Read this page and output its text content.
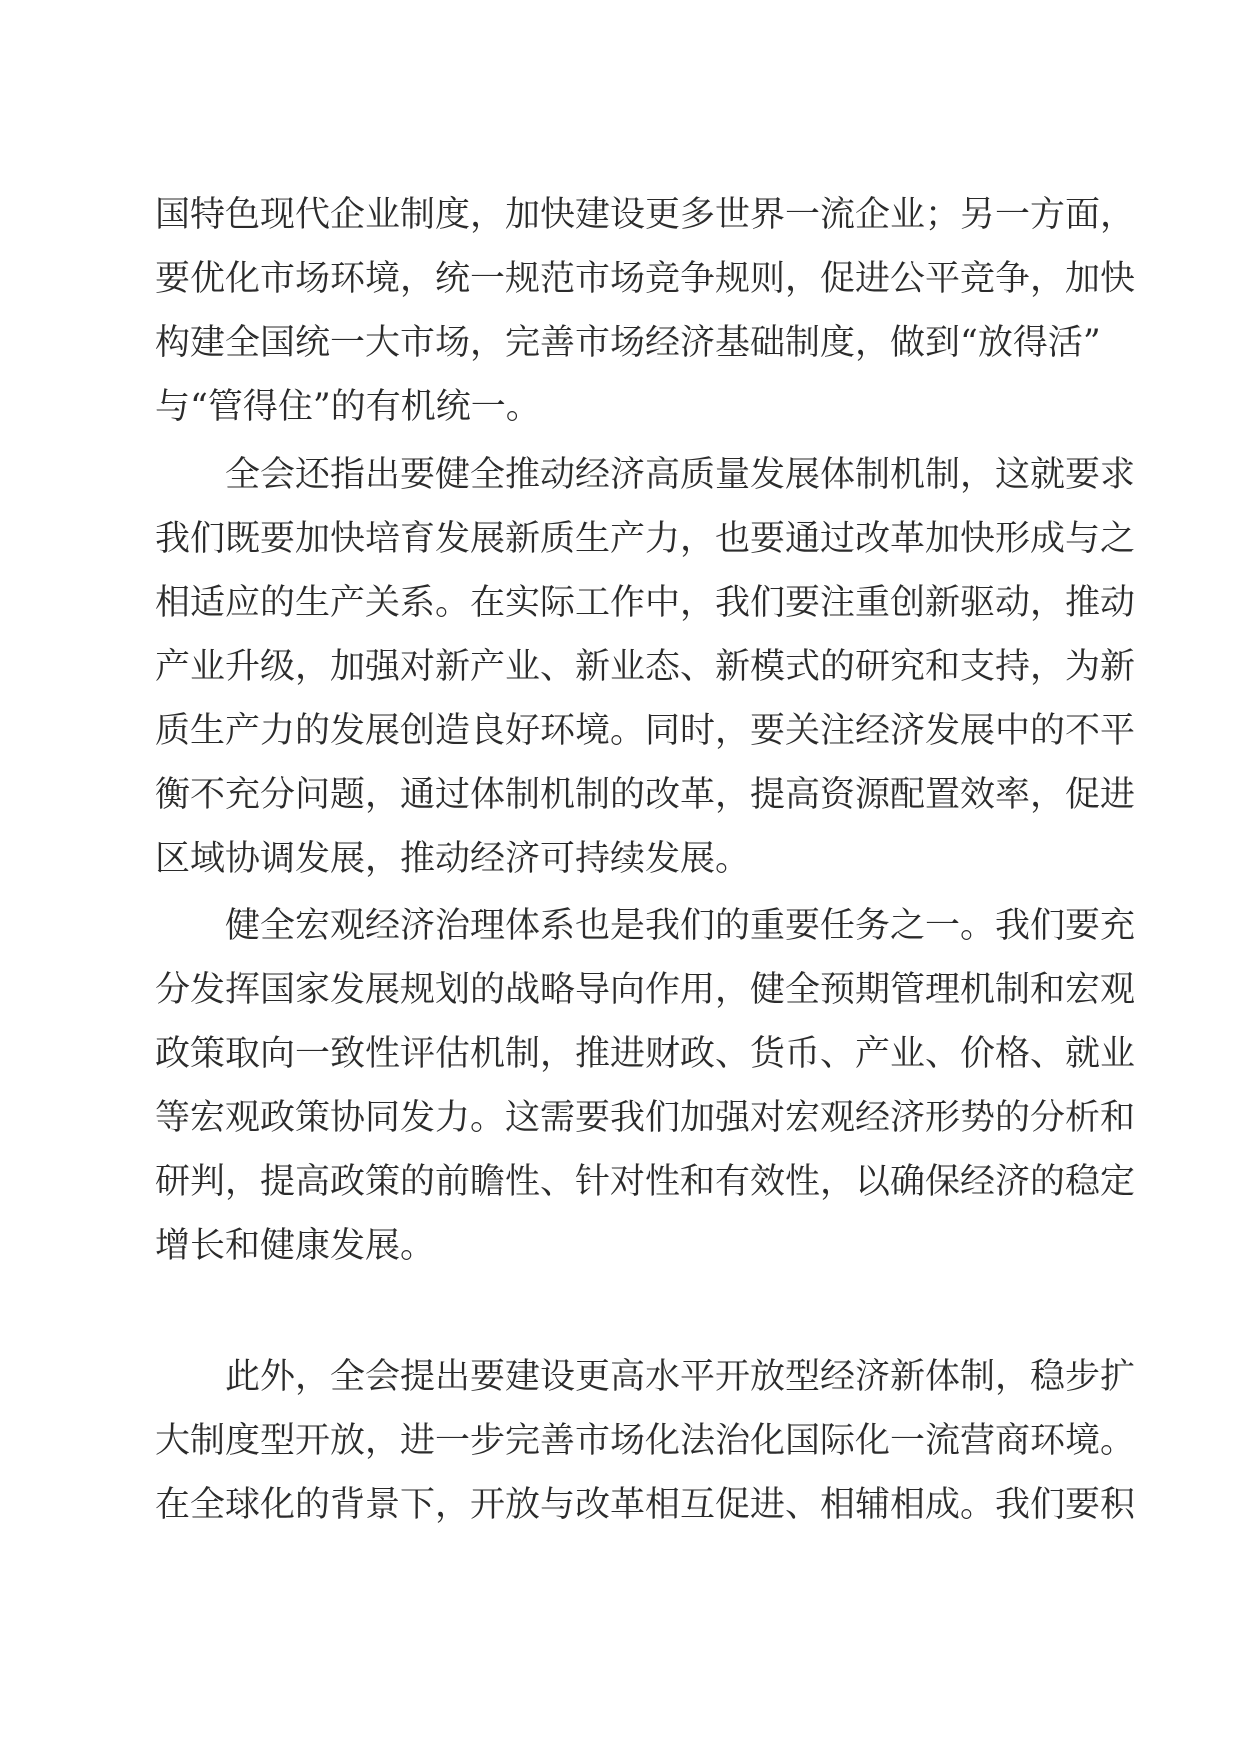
国特色现代企业制度，加快建设更多世界一流企业；另一方面，
要优化市场环境，统一规范市场竞争规则，促进公平竞争，加快
构建全国统一大市场，完善市场经济基础制度，做到“放得活”
与“管得住”的有机统一。
全会还指出要健全推动经济高质量发展体制机制，这就要求
我们既要加快培育发展新质生产力，也要通过改革加快形成与之
相适应的生产关系。在实际工作中，我们要注重创新驱动，推动
产业升级，加强对新产业、新业态、新模式的研究和支持，为新
质生产力的发展创造良好环境。同时，要关注经济发展中的不平
衡不充分问题，通过体制机制的改革，提高资源配置效率，促进
区域协调发展，推动经济可持续发展。
健全宏观经济治理体系也是我们的重要任务之一。我们要充
分发挥国家发展规划的战略导向作用，健全预期管理机制和宏观
政策取向一致性评估机制，推进财政、货币、产业、价格、就业
等宏观政策协同发力。这需要我们加强对宏观经济形势的分析和
研判，提高政策的前瞻性、针对性和有效性，以确保经济的稳定
增长和健康发展。
此外，全会提出要建设更高水平开放型经济新体制，稳步扩
大制度型开放，进一步完善市场化法治化国际化一流营商环境。
在全球化的背景下，开放与改革相互促进、相辅相成。我们要积
